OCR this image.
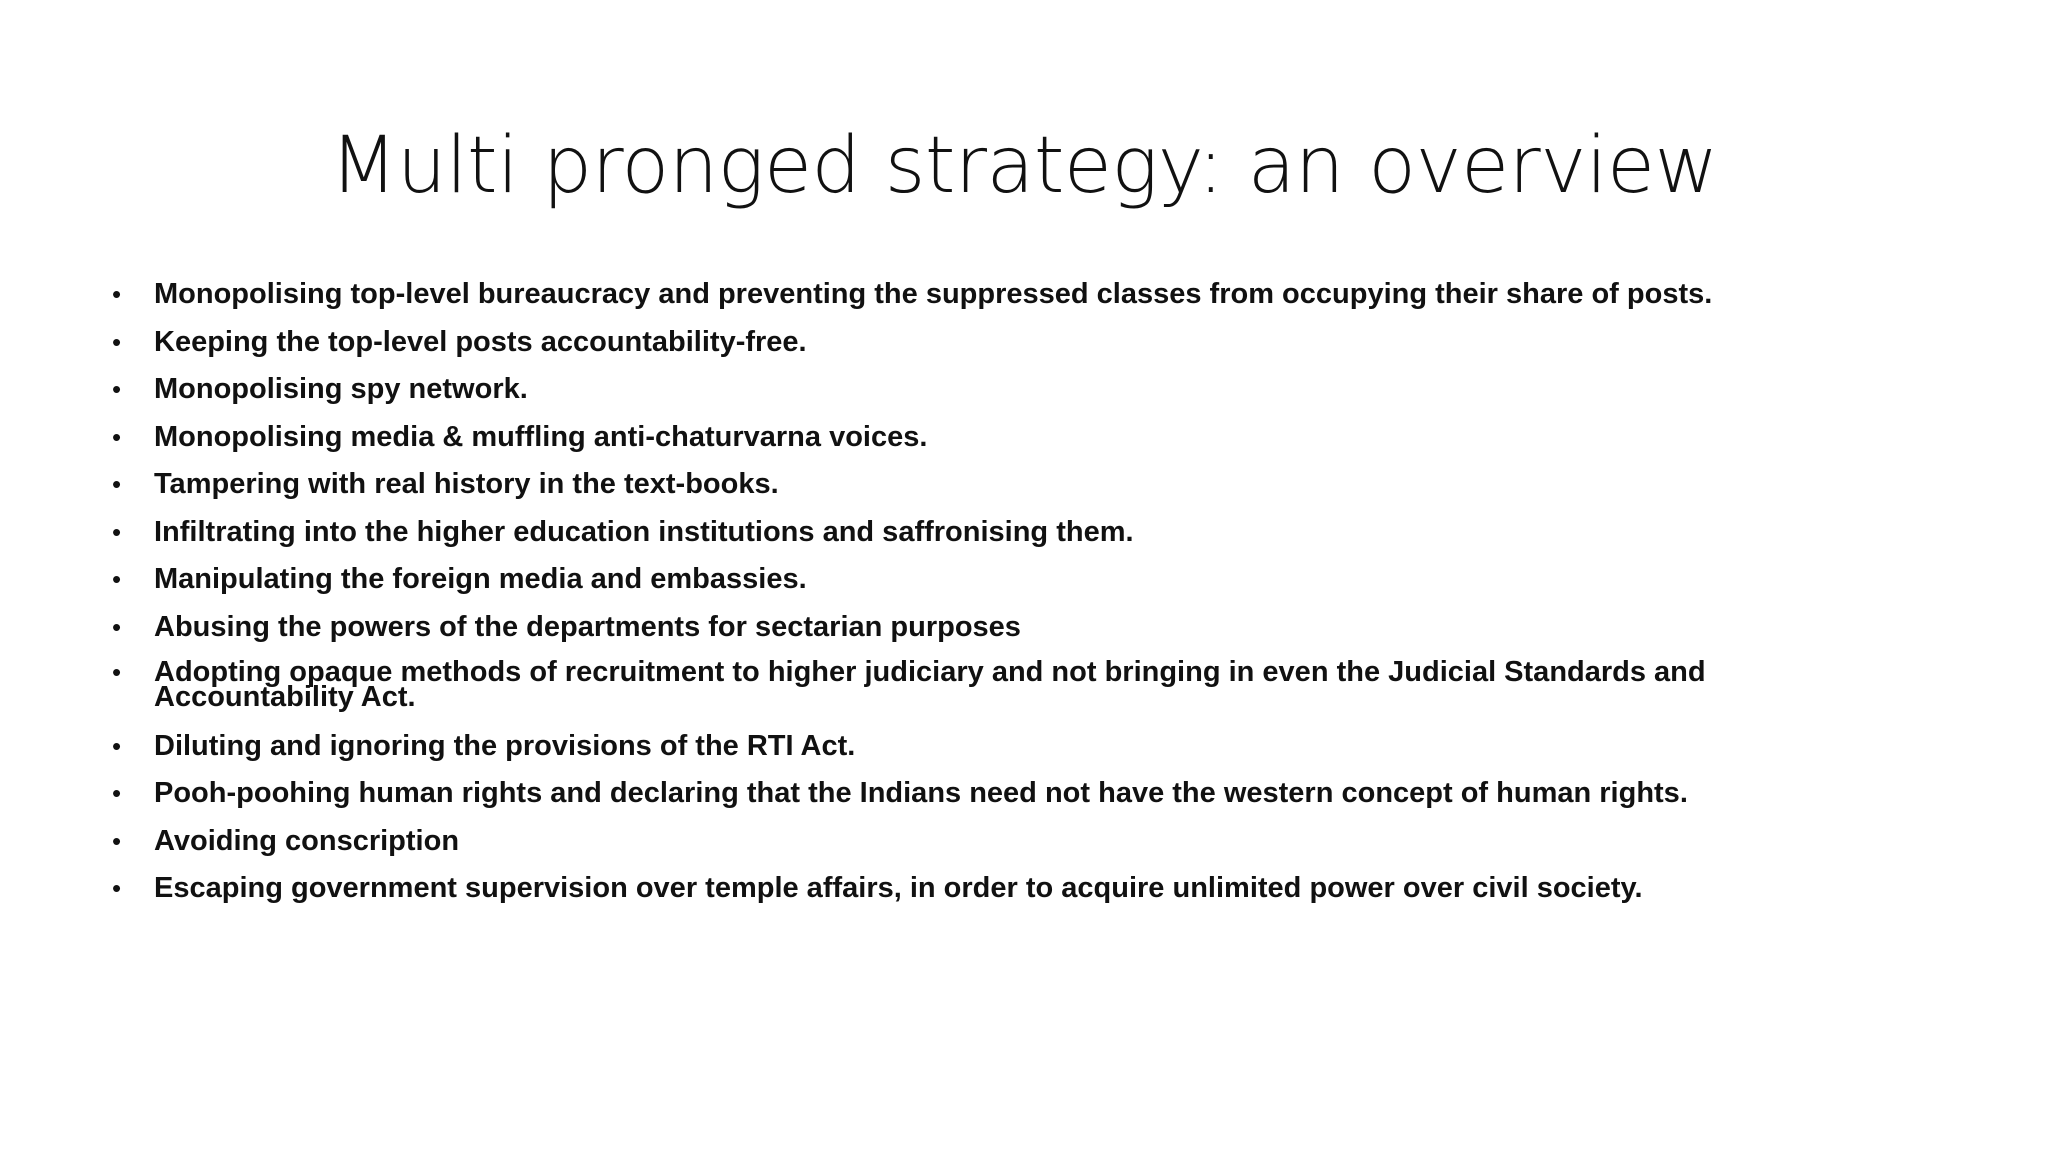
Multi pronged strategy: an overview
• Monopolising top-level bureaucracy and preventing the suppressed classes from occupying their share of posts.
• Keeping the top-level posts accountability-free.
• Monopolising spy network.
• Monopolising media & muffling anti-chaturvarna voices.
• Tampering with real history in the text-books.
• Infiltrating into the higher education institutions and saffronising them.
• Manipulating the foreign media and embassies.
• Abusing the powers of the departments for sectarian purposes
• Adopting opaque methods of recruitment to higher judiciary and not bringing in even the Judicial Standards and Accountability Act.
• Diluting and ignoring the provisions of the RTI Act.
• Pooh-poohing human rights and declaring that the Indians need not have the western concept of human rights.
• Avoiding conscription
• Escaping government supervision over temple affairs, in order to acquire unlimited power over civil society.
